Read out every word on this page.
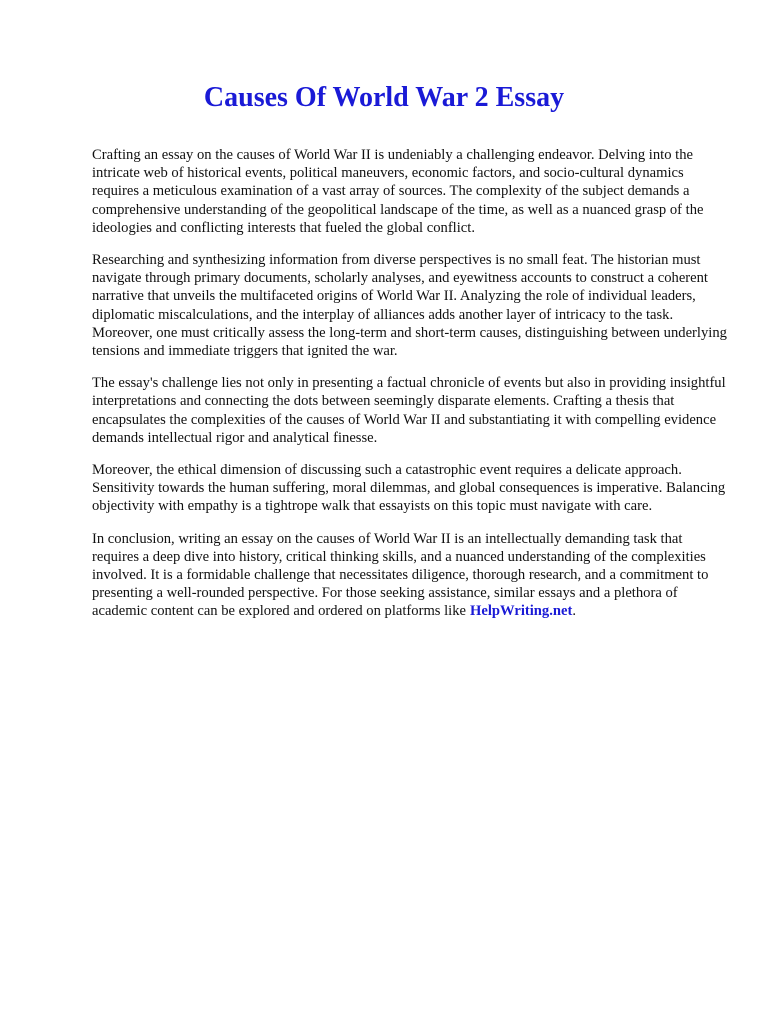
Causes Of World War 2 Essay

Crafting an essay on the causes of World War II is undeniably a challenging endeavor. Delving into the intricate web of historical events, political maneuvers, economic factors, and socio-cultural dynamics requires a meticulous examination of a vast array of sources. The complexity of the subject demands a comprehensive understanding of the geopolitical landscape of the time, as well as a nuanced grasp of the ideologies and conflicting interests that fueled the global conflict.

Researching and synthesizing information from diverse perspectives is no small feat. The historian must navigate through primary documents, scholarly analyses, and eyewitness accounts to construct a coherent narrative that unveils the multifaceted origins of World War II. Analyzing the role of individual leaders, diplomatic miscalculations, and the interplay of alliances adds another layer of intricacy to the task. Moreover, one must critically assess the long-term and short-term causes, distinguishing between underlying tensions and immediate triggers that ignited the war.

The essay's challenge lies not only in presenting a factual chronicle of events but also in providing insightful interpretations and connecting the dots between seemingly disparate elements. Crafting a thesis that encapsulates the complexities of the causes of World War II and substantiating it with compelling evidence demands intellectual rigor and analytical finesse.

Moreover, the ethical dimension of discussing such a catastrophic event requires a delicate approach. Sensitivity towards the human suffering, moral dilemmas, and global consequences is imperative. Balancing objectivity with empathy is a tightrope walk that essayists on this topic must navigate with care.

In conclusion, writing an essay on the causes of World War II is an intellectually demanding task that requires a deep dive into history, critical thinking skills, and a nuanced understanding of the complexities involved. It is a formidable challenge that necessitates diligence, thorough research, and a commitment to presenting a well-rounded perspective. For those seeking assistance, similar essays and a plethora of academic content can be explored and ordered on platforms like HelpWriting.net.
